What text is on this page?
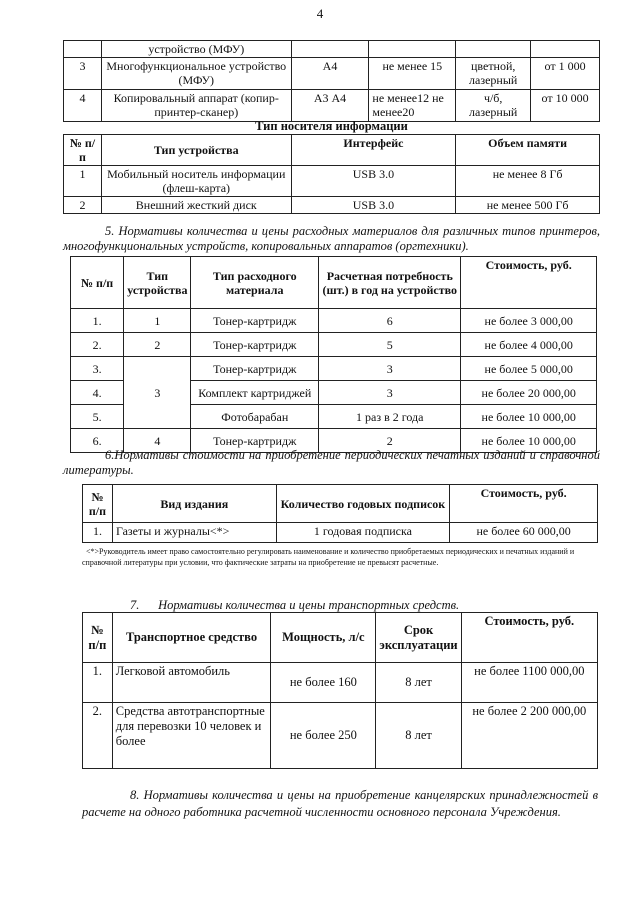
4
	устройство (МФУ)				
3	Многофункциональное устройство (МФУ)	А4	не менее 15	цветной, лазерный	от 1 000
4	Копировальный аппарат (копир-принтер-сканер)	А3 А4	не менее12 не менее20	ч/б, лазерный	от 10 000
Тип носителя информации
№ п/п	Тип устройства	Интерфейс	Объем памяти
1	Мобильный носитель информации (флеш-карта)	USB 3.0	не менее 8 Гб
2	Внешний жесткий диск	USB 3.0	не менее 500 Гб
5. Нормативы количества и цены расходных материалов для различных типов принтеров, многофункциональных устройств, копировальных аппаратов (оргтехники).
№ п/п	Тип устройства	Тип расходного материала	Расчетная потребность (шт.) в год на устройство	Стоимость, руб.
1.	1	Тонер-картридж	6	не более 3 000,00
2.	2	Тонер-картридж	5	не более 4 000,00
3.	3	Тонер-картридж	3	не более 5 000,00
4.		Комплект картриджей	3	не более 20 000,00
5.		Фотобарабан	1 раз в 2 года	не более 10 000,00
6.	4	Тонер-картридж	2	не более 10 000,00
6.Нормативы стоимости на приобретение периодических печатных изданий и справочной литературы.
№ п/п	Вид издания	Количество годовых подписок	Стоимость, руб.
1.	Газеты и журналы<*>	1 годовая подписка	не более 60 000,00
<*>Руководитель имеет право самостоятельно регулировать наименование и количество приобретаемых периодических и печатных изданий и справочной литературы при условии, что фактические затраты на приобретение не превысят расчетные.
7.      Нормативы количества и цены транспортных средств.
№ п/п	Транспортное средство	Мощность, л/с	Срок эксплуатации	Стоимость, руб.
1.	Легковой автомобиль	не более 160	8 лет	не более 1100 000,00
2.	Средства автотранспортные для перевозки 10 человек и более	не более 250	8 лет	не более 2 200 000,00
8. Нормативы количества и цены на приобретение канцелярских принадлежностей в расчете на одного работника расчетной численности основного персонала Учреждения.
